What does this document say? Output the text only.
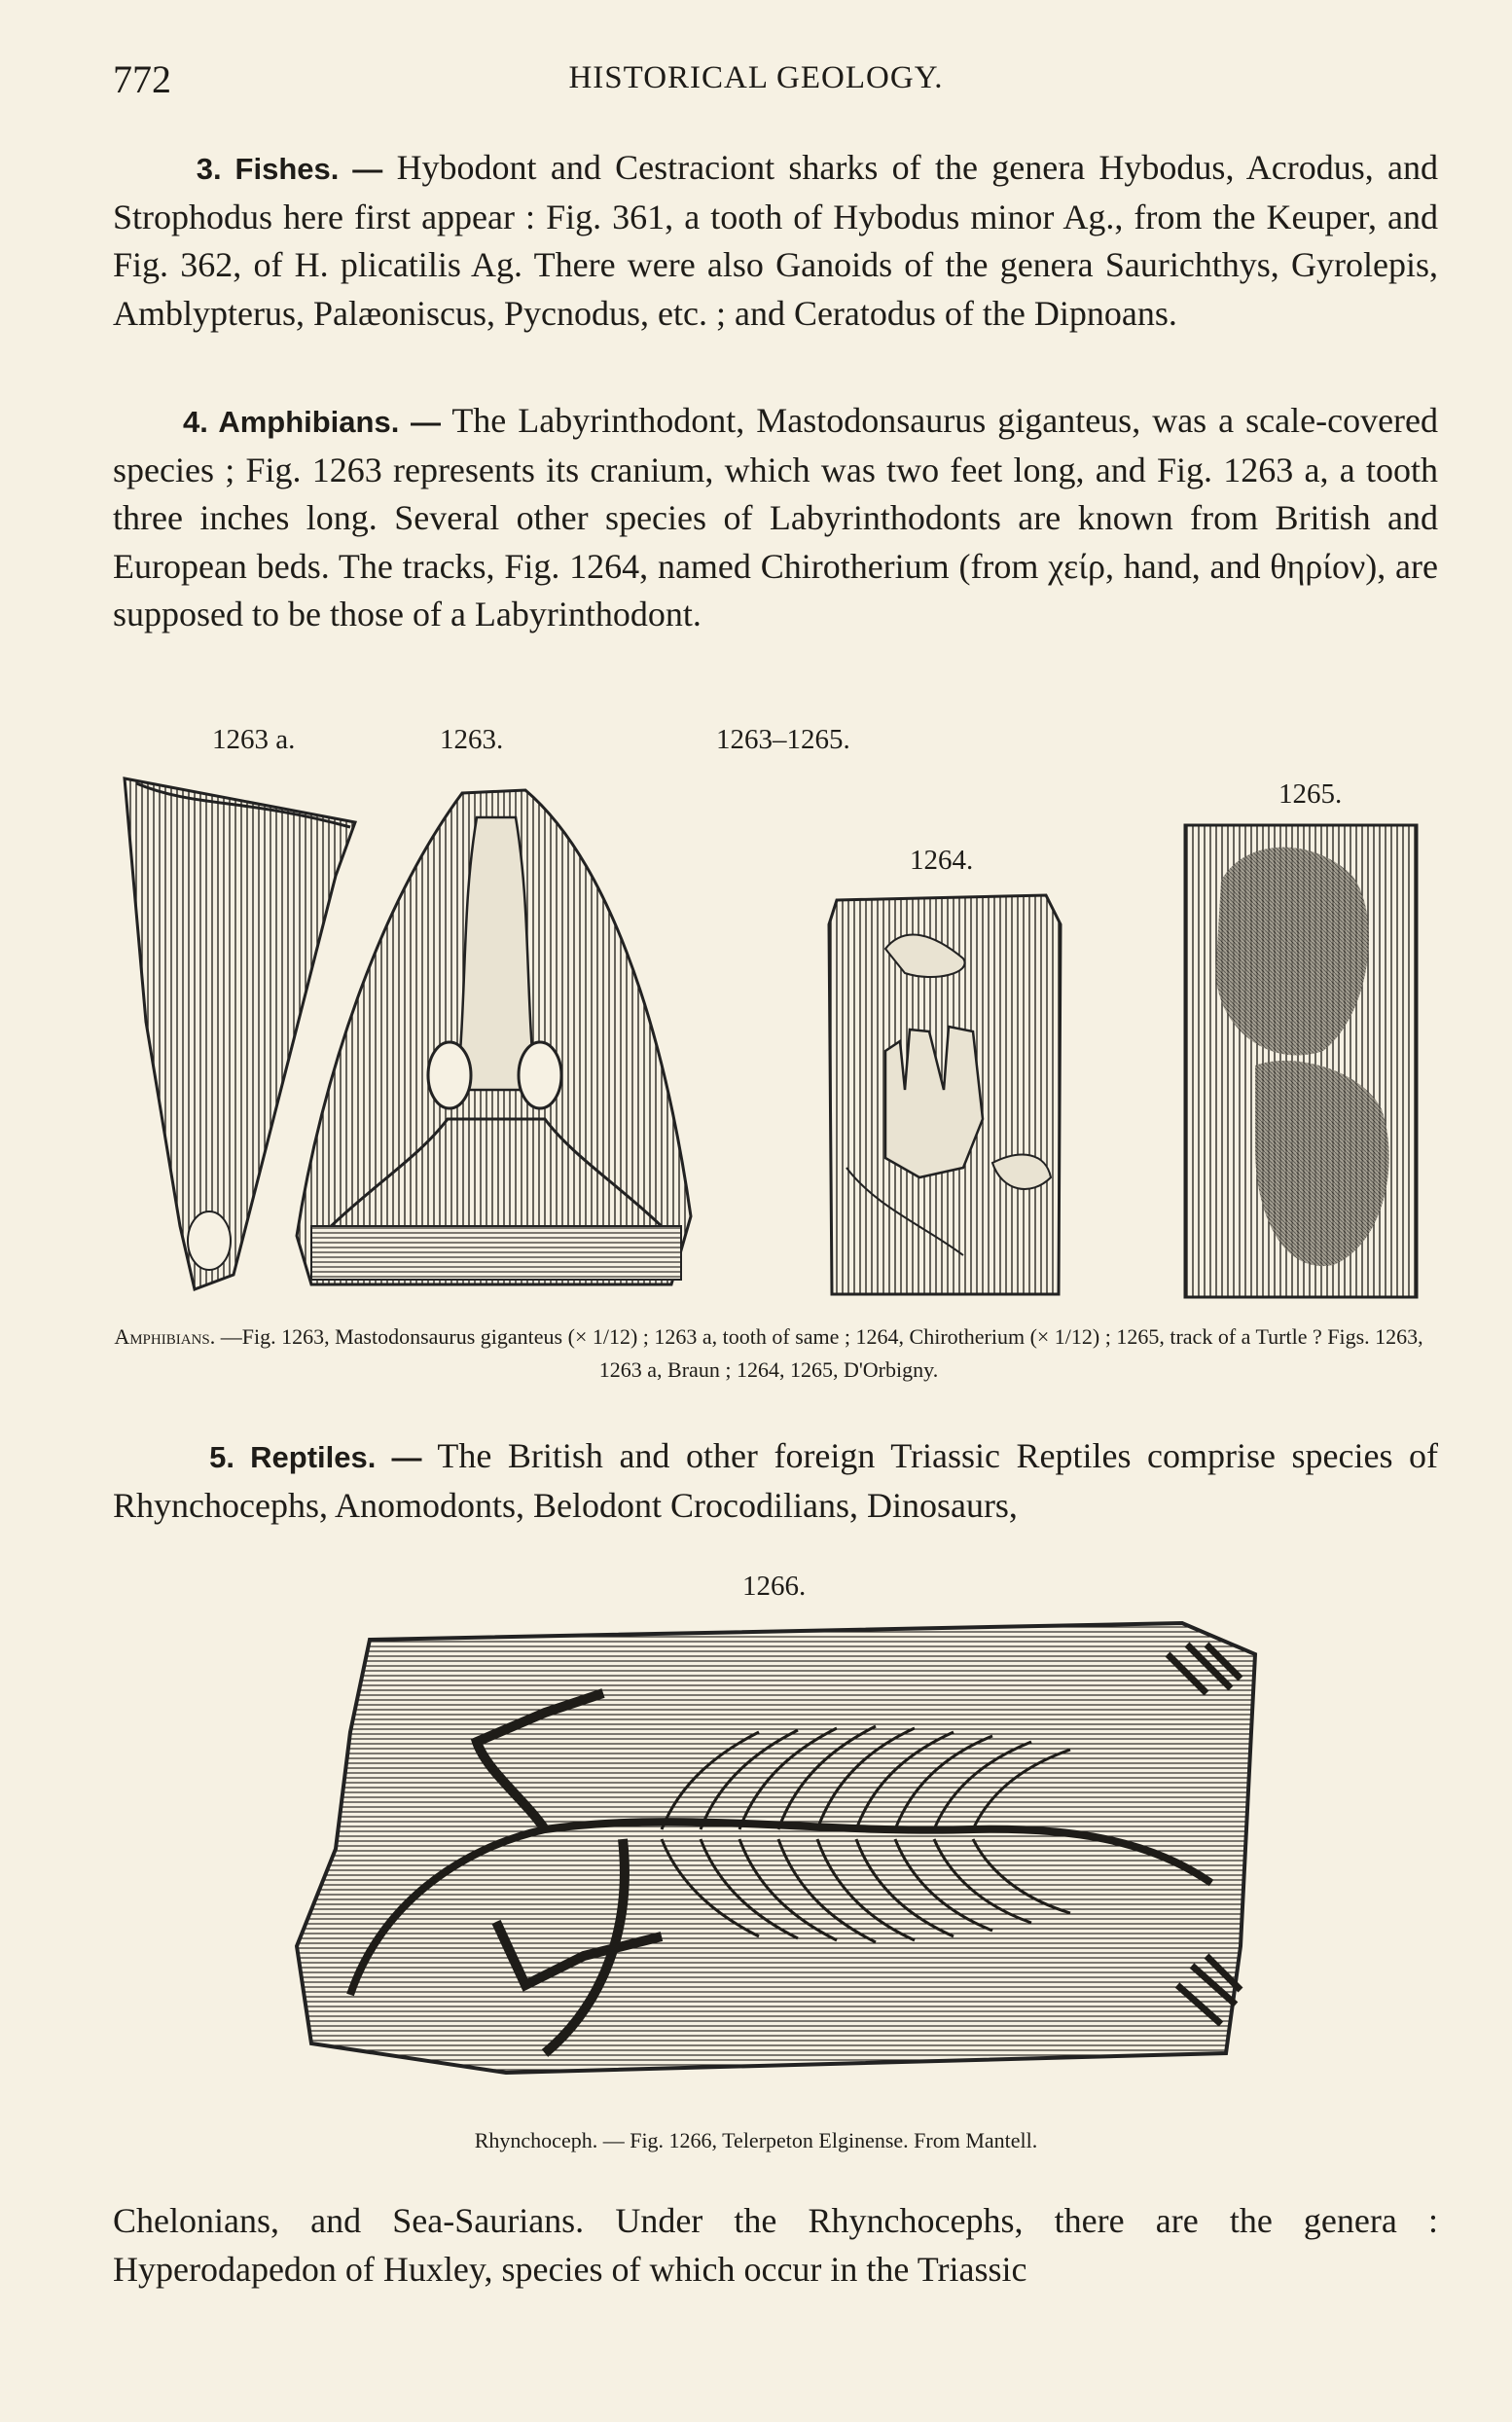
772	HISTORICAL GEOLOGY.
3. Fishes. — Hybodont and Cestraciont sharks of the genera Hybodus, Acrodus, and Strophodus here first appear : Fig. 361, a tooth of Hybodus minor Ag., from the Keuper, and Fig. 362, of H. plicatilis Ag. There were also Ganoids of the genera Saurichthys, Gyrolepis, Amblypterus, Palæoniscus, Pycnodus, etc. ; and Ceratodus of the Dipnoans.
4. Amphibians. — The Labyrinthodont, Mastodonsaurus giganteus, was a scale-covered species ; Fig. 1263 represents its cranium, which was two feet long, and Fig. 1263 a, a tooth three inches long. Several other species of Labyrinthodonts are known from British and European beds. The tracks, Fig. 1264, named Chirotherium (from χείρ, hand, and θηρίον), are supposed to be those of a Labyrinthodont.
1263 a.	1263.	1263–1265.
1264.
1265.
Amphibians. —Fig. 1263, Mastodonsaurus giganteus (× 1/12) ; 1263 a, tooth of same ; 1264, Chirotherium (× 1/12) ; 1265, track of a Turtle ? Figs. 1263, 1263 a, Braun ; 1264, 1265, D'Orbigny.
5. Reptiles. — The British and other foreign Triassic Reptiles comprise species of Rhynchocephs, Anomodonts, Belodont Crocodilians, Dinosaurs,
1266.
Rhynchoceph. — Fig. 1266, Telerpeton Elginense. From Mantell.
Chelonians, and Sea-Saurians. Under the Rhynchocephs, there are the genera : Hyperodapedon of Huxley, species of which occur in the Triassic
